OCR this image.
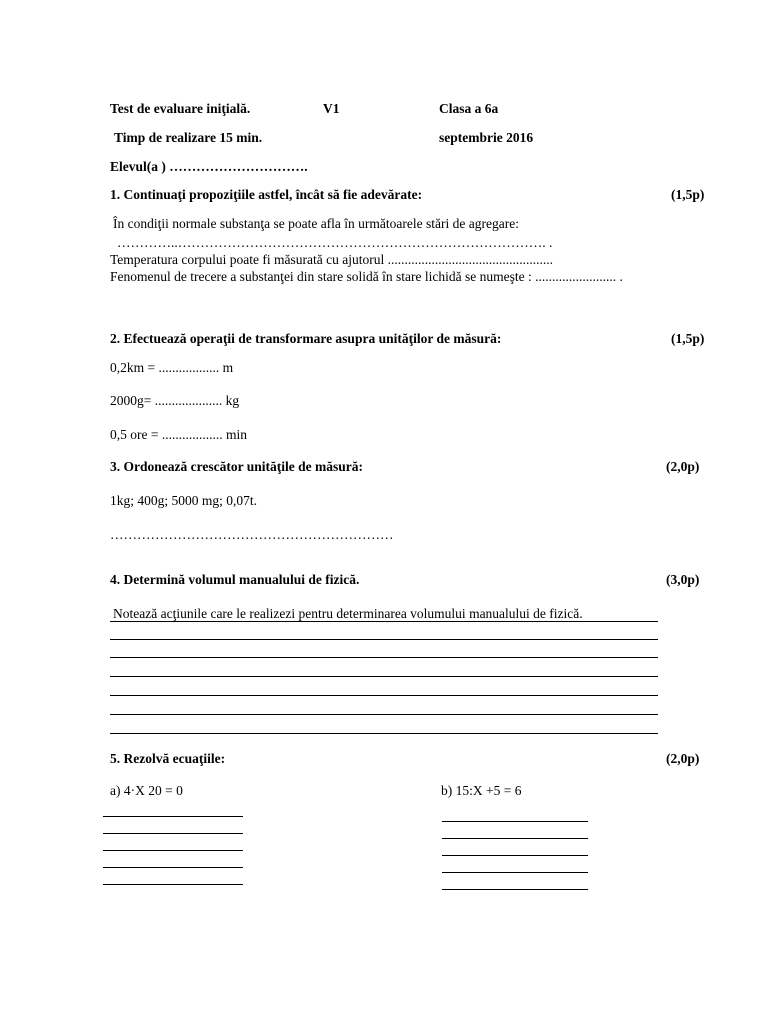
Test de evaluare iniţială.	V1	Clasa a 6a
Timp de realizare 15 min.	septembrie 2016
Elevul(a ) ………………………….
1. Continuaţi propoziţiile astfel, încât să fie adevărate:	(1,5p)
În condiţii normale substanţa se poate afla în următoarele stări de agregare:
…………..………………………………………………………………………. .
Temperatura corpului poate fi măsurată cu ajutorul .................................................
Fenomenul de trecere a substanţei din stare solidă în stare lichidă se numeşte : ........................ .
2. Efectuează operaţii de transformare asupra unităţilor de măsură:	(1,5p)
0,2km = .................. m
2000g= .................... kg
0,5 ore = .................. min
3. Ordonează crescător unităţile de măsură:	(2,0p)
1kg; 400g; 5000 mg; 0,07t.
………………………………………………………
4. Determină volumul manualului de fizică.	(3,0p)
Notează acţiunile care le realizezi pentru determinarea volumului manualului de fizică.
5. Rezolvă ecuaţiile:	(2,0p)
a) 4·X 20 = 0	b) 15:X +5 = 6
